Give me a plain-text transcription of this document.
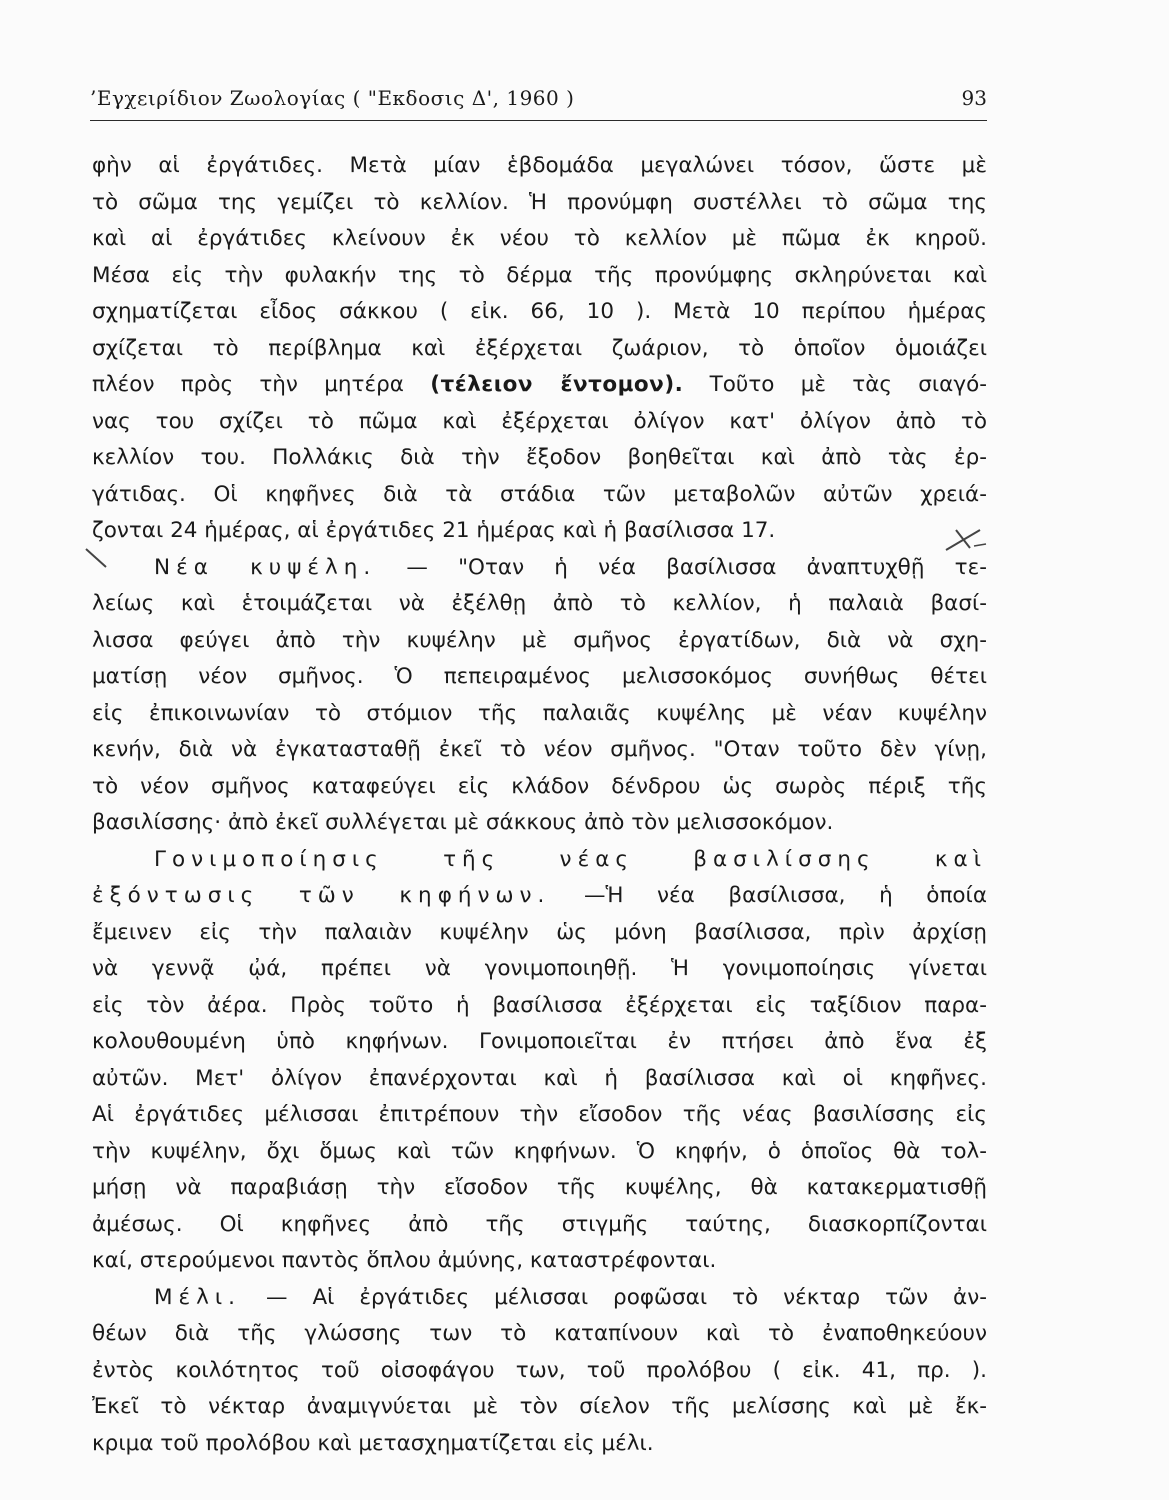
’Εγχειρίδιον Ζωολογίας ( "Εκδοσις Δ', 1960 )	93
φὴν αἱ ἐργάτιδες. Μετὰ μίαν ἑβδομάδα μεγαλώνει τόσον, ὥστε μὲ
τὸ σῶμα της γεμίζει τὸ κελλίον. Ἡ προνύμφη συστέλλει τὸ σῶμα της
καὶ αἱ ἐργάτιδες κλείνουν ἐκ νέου τὸ κελλίον μὲ πῶμα ἐκ κηροῦ.
Μέσα εἰς τὴν φυλακήν της τὸ δέρμα τῆς προνύμφης σκληρύνεται καὶ
σχηματίζεται εἶδος σάκκου ( εἰκ. 66, 10 ). Μετὰ 10 περίπου ἡμέρας
σχίζεται τὸ περίβλημα καὶ ἐξέρχεται ζωάριον, τὸ ὁποῖον ὁμοιάζει
πλέον πρὸς τὴν μητέρα (τέλειον ἔντομον). Τοῦτο μὲ τὰς σιαγό-
νας του σχίζει τὸ πῶμα καὶ ἐξέρχεται ὀλίγον κατ' ὀλίγον ἀπὸ τὸ
κελλίον του. Πολλάκις διὰ τὴν ἔξοδον βοηθεῖται καὶ ἀπὸ τὰς ἐρ-
γάτιδας. Οἱ κηφῆνες διὰ τὰ στάδια τῶν μεταβολῶν αὐτῶν χρειά-
ζονται 24 ἡμέρας, αἱ ἐργάτιδες 21 ἡμέρας καὶ ἡ βασίλισσα 17.
Νέα κυψέλη. — "Οταν ἡ νέα βασίλισσα ἀναπτυχθῇ τε-
λείως καὶ ἑτοιμάζεται νὰ ἐξέλθῃ ἀπὸ τὸ κελλίον, ἡ παλαιὰ βασί-
λισσα φεύγει ἀπὸ τὴν κυψέλην μὲ σμῆνος ἐργατίδων, διὰ νὰ σχη-
ματίσῃ νέον σμῆνος. Ὁ πεπειραμένος μελισσοκόμος συνήθως θέτει
εἰς ἐπικοινωνίαν τὸ στόμιον τῆς παλαιᾶς κυψέλης μὲ νέαν κυψέλην
κενήν, διὰ νὰ ἐγκατασταθῇ ἐκεῖ τὸ νέον σμῆνος. "Οταν τοῦτο δὲν γίνῃ,
τὸ νέον σμῆνος καταφεύγει εἰς κλάδον δένδρου ὡς σωρὸς πέριξ τῆς
βασιλίσσης· ἀπὸ ἐκεῖ συλλέγεται μὲ σάκκους ἀπὸ τὸν μελισσοκόμον.
Γονιμοποίησις τῆς νέας βασιλίσσης καὶ
ἐξόντωσις τῶν κηφήνων. —Ἡ νέα βασίλισσα, ἡ ὁποία
ἔμεινεν εἰς τὴν παλαιὰν κυψέλην ὡς μόνη βασίλισσα, πρὶν ἀρχίσῃ
νὰ γεννᾷ ᾠά, πρέπει νὰ γονιμοποιηθῇ. Ἡ γονιμοποίησις γίνεται
εἰς τὸν ἀέρα. Πρὸς τοῦτο ἡ βασίλισσα ἐξέρχεται εἰς ταξίδιον παρα-
κολουθουμένη ὑπὸ κηφήνων. Γονιμοποιεῖται ἐν πτήσει ἀπὸ ἕνα ἐξ
αὐτῶν. Μετ' ὀλίγον ἐπανέρχονται καὶ ἡ βασίλισσα καὶ οἱ κηφῆνες.
Αἱ ἐργάτιδες μέλισσαι ἐπιτρέπουν τὴν εἴσοδον τῆς νέας βασιλίσσης εἰς
τὴν κυψέλην, ὄχι ὅμως καὶ τῶν κηφήνων. Ὁ κηφήν, ὁ ὁποῖος θὰ τολ-
μήσῃ νὰ παραβιάσῃ τὴν εἴσοδον τῆς κυψέλης, θὰ κατακερματισθῇ
ἀμέσως. Οἱ κηφῆνες ἀπὸ τῆς στιγμῆς ταύτης, διασκορπίζονται
καί, στερούμενοι παντὸς ὅπλου ἀμύνης, καταστρέφονται.
Μέλι. — Αἱ ἐργάτιδες μέλισσαι ροφῶσαι τὸ νέκταρ τῶν ἀν-
θέων διὰ τῆς γλώσσης των τὸ καταπίνουν καὶ τὸ ἐναποθηκεύουν
ἐντὸς κοιλότητος τοῦ οἰσοφάγου των, τοῦ προλόβου ( εἰκ. 41, πρ. ).
Ἐκεῖ τὸ νέκταρ ἀναμιγνύεται μὲ τὸν σίελον τῆς μελίσσης καὶ μὲ ἔκ-
κριμα τοῦ προλόβου καὶ μετασχηματίζεται εἰς μέλι.
